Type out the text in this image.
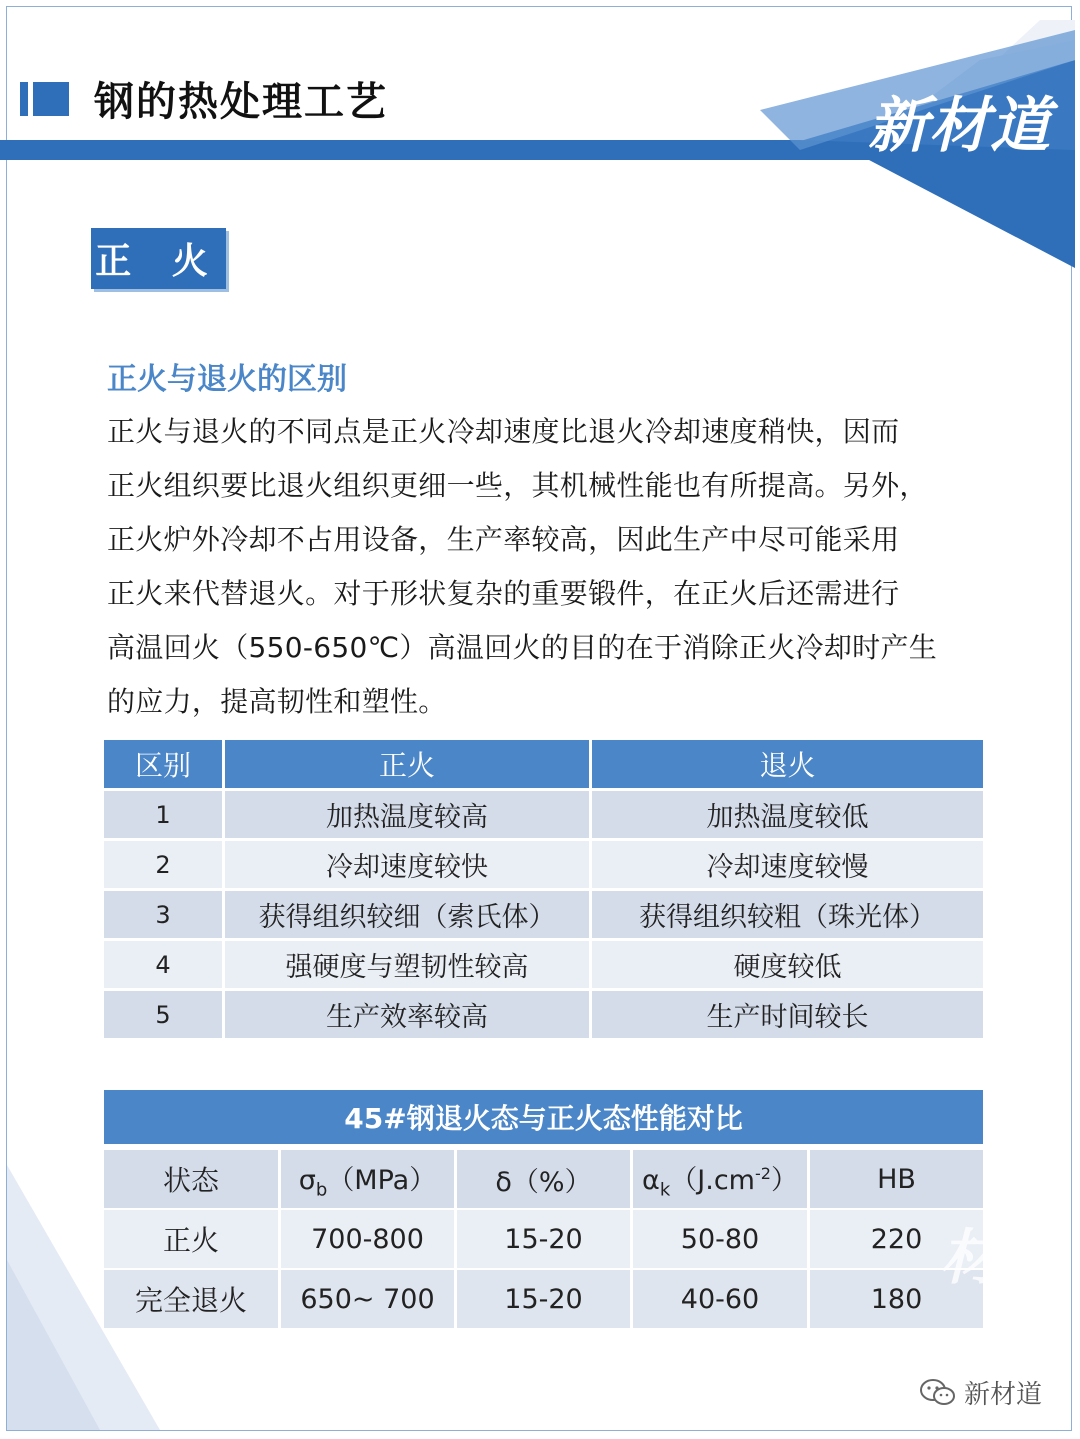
钢的热处理工艺	新材道
正 火
正火与退火的区别
正火与退火的不同点是正火冷却速度比退火冷却速度稍快，因而
正火组织要比退火组织更细一些，其机械性能也有所提高。另外，
正火炉外冷却不占用设备，生产率较高，因此生产中尽可能采用
正火来代替退火。对于形状复杂的重要锻件，在正火后还需进行
高温回火（550-650℃）高温回火的目的在于消除正火冷却时产生
的应力，提高韧性和塑性。
区别	正火	退火
1	加热温度较高	加热温度较低
2	冷却速度较快	冷却速度较慢
3	获得组织较细（索氏体）	获得组织较粗（珠光体）
4	强硬度与塑韧性较高	硬度较低
5	生产效率较高	生产时间较长
45#钢退火态与正火态性能对比
状态	$\sigma_b(MPa)$	δ（%）	$\alpha_k(J.cm^{-2})$	HB
正火	700-800	15-20	50-80	220
完全退火	650~ 700	15-20	40-60	180
材道
新材道
